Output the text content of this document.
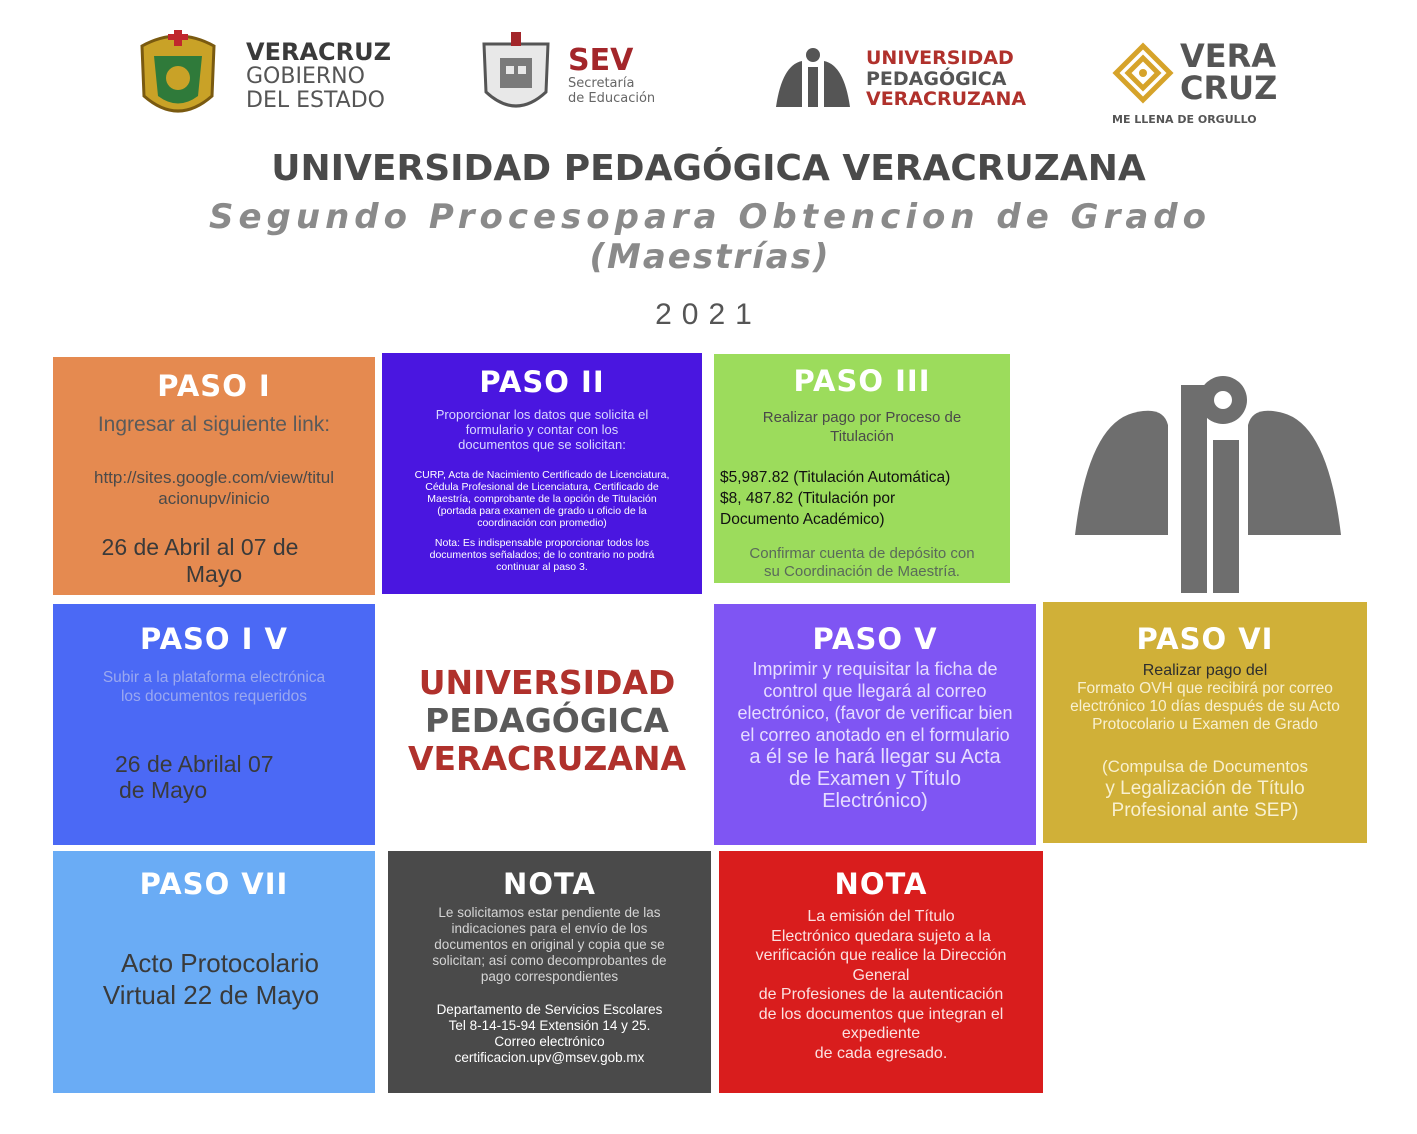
VERACRUZ
GOBIERNO
DEL ESTADO
SEV
Secretaría
de Educación
UNIVERSIDAD
PEDAGÓGICA
VERACRUZANA
VERA
CRUZ
ME LLENA DE ORGULLO
UNIVERSIDAD PEDAGÓGICA VERACRUZANA
Segundo Procesopara Obtencion de Grado
(Maestrías)
2021
PASO I
Ingresar al siguiente link:
http://sites.google.com/view/titul
acionupv/inicio
26 de Abril al 07 de
Mayo
PASO II
Proporcionar los datos que solicita el
formulario y contar con los
documentos que se solicitan:
CURP, Acta de Nacimiento Certificado de Licenciatura,
Cédula Profesional de Licenciatura, Certificado de
Maestría, comprobante de la opción de Titulación
(portada para examen de grado u oficio de la
coordinación con promedio)
Nota: Es indispensable proporcionar todos los
documentos señalados; de lo contrario no podrá
continuar al paso 3.
PASO III
Realizar pago por Proceso de
Titulación
$5,987.82 (Titulación Automática)
$8, 487.82 (Titulación por
Documento Académico)
Confirmar cuenta de depósito con
su Coordinación de Maestría.
PASO I V
Subir a la plataforma electrónica
los documentos requeridos
26 de Abrilal 07
de Mayo
UNIVERSIDAD
PEDAGÓGICA
VERACRUZANA
PASO V
Imprimir y requisitar la ficha de
control que llegará al correo
electrónico, (favor de verificar bien
el correo anotado en el formulario
a él se le hará llegar su Acta
de Examen y Título
Electrónico)
PASO VI
Realizar pago del
Formato OVH que recibirá por correo
electrónico 10 días después de su Acto
Protocolario u Examen de Grado
(Compulsa de Documentos
y Legalización de Título
Profesional ante SEP)
PASO VII
Acto Protocolario
Virtual 22 de Mayo
NOTA
Le solicitamos estar pendiente de las
indicaciones para el envío de los
documentos en original y copia que se
solicitan; así como decomprobantes de
pago correspondientes
Departamento de Servicios Escolares
Tel 8-14-15-94 Extensión 14 y 25.
Correo electrónico
certificacion.upv@msev.gob.mx
NOTA
La emisión del Título
Electrónico quedara sujeto a la
verificación que realice la Dirección
General
de Profesiones de la autenticación
de los documentos que integran el
expediente
de cada egresado.
